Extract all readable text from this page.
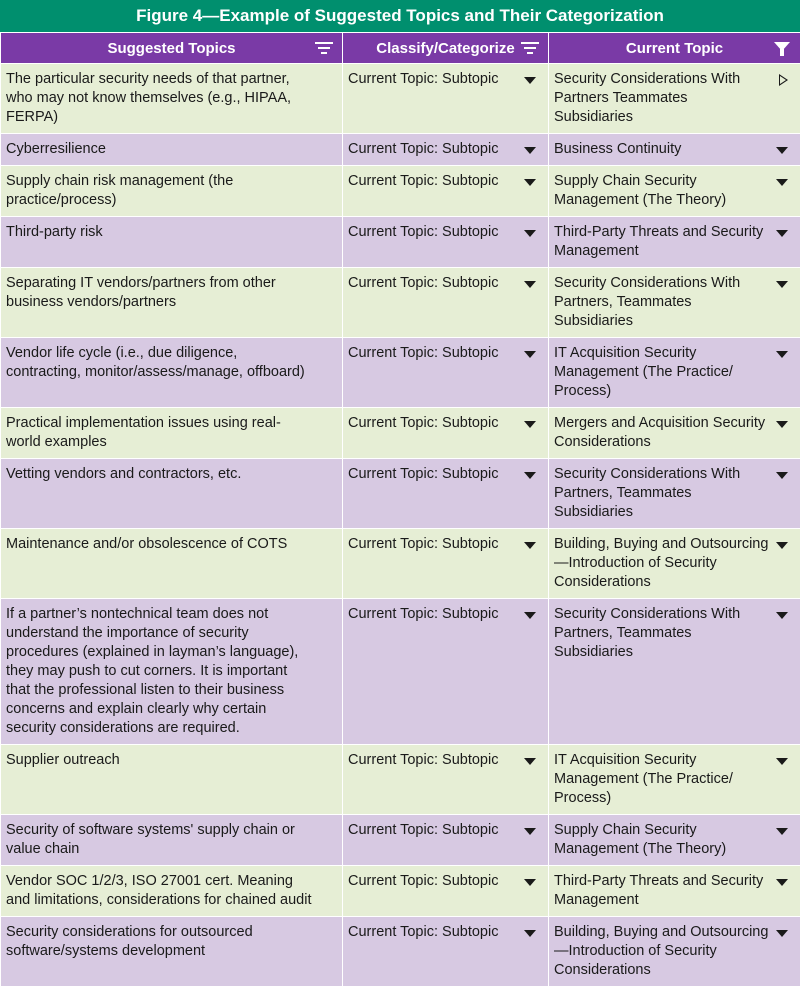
Figure 4—Example of Suggested Topics and Their Categorization
Suggested Topics	Classify/Categorize	Current Topic

The particular security needs of that partner, who may not know themselves (e.g., HIPAA, FERPA)	Current Topic: Subtopic	Security Considerations With Partners Teammates Subsidiaries

Cyberresilience	Current Topic: Subtopic	Business Continuity

Supply chain risk management (the practice/process)	Current Topic: Subtopic	Supply Chain Security Management (The Theory)

Third-party risk	Current Topic: Subtopic	Third-Party Threats and Security Management

Separating IT vendors/partners from other business vendors/partners	Current Topic: Subtopic	Security Considerations With Partners, Teammates Subsidiaries

Vendor life cycle (i.e., due diligence, contracting, monitor/assess/manage, offboard)	Current Topic: Subtopic	IT Acquisition Security Management (The Practice/ Process)

Practical implementation issues using real-world examples	Current Topic: Subtopic	Mergers and Acquisition Security Considerations

Vetting vendors and contractors, etc.	Current Topic: Subtopic	Security Considerations With Partners, Teammates Subsidiaries

Maintenance and/or obsolescence of COTS	Current Topic: Subtopic	Building, Buying and Outsourcing—Introduction of Security Considerations

If a partner’s nontechnical team does not understand the importance of security procedures (explained in layman’s language), they may push to cut corners. It is important that the professional listen to their business concerns and explain clearly why certain security considerations are required.	Current Topic: Subtopic	Security Considerations With Partners, Teammates Subsidiaries

Supplier outreach	Current Topic: Subtopic	IT Acquisition Security Management (The Practice/ Process)

Security of software systems' supply chain or value chain	Current Topic: Subtopic	Supply Chain Security Management (The Theory)

Vendor SOC 1/2/3, ISO 27001 cert. Meaning and limitations, considerations for chained audit	Current Topic: Subtopic	Third-Party Threats and Security Management

Security considerations for outsourced software/systems development	Current Topic: Subtopic	Building, Buying and Outsourcing—Introduction of Security Considerations
